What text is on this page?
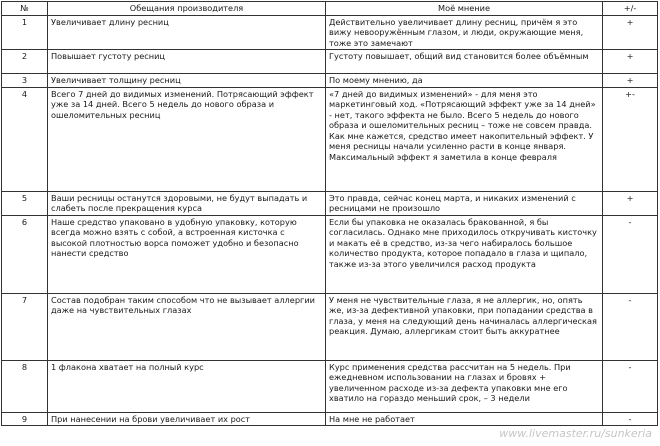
№	Обещания производителя	Моё мнение	+/-
1	Увеличивает длину ресниц	Действительно увеличивает длину ресниц, причём я это вижу невооружённым глазом, и люди, окружающие меня, тоже это замечают	+
2	Повышает густоту ресниц	Густоту повышает, общий вид становится более объёмным	+
3	Увеличивает толщину ресниц	По моему мнению, да	+
4	Всего 7 дней до видимых изменений. Потрясающий эффект уже за 14 дней. Всего 5 недель до нового образа и ошеломительных ресниц	«7 дней до видимых изменений» - для меня это маркетинговый ход. «Потрясающий эффект уже за 14 дней» - нет, такого эффекта не было. Всего 5 недель до нового образа и ошеломительных ресниц – тоже не совсем правда. Как мне кажется, средство имеет накопительный эффект. У меня ресницы начали усиленно расти в конце января. Максимальный эффект я заметила в конце февраля	+-
5	Ваши ресницы останутся здоровыми, не будут выпадать и слабеть после прекращения курса	Это правда, сейчас конец марта, и никаких изменений с ресницами не произошло	+
6	Наше средство упаковано в удобную упаковку, которую всегда можно взять с собой, а встроенная кисточка с высокой плотностью ворса поможет удобно и безопасно нанести средство	Если бы упаковка не оказалась бракованной, я бы согласилась. Однако мне приходилось откручивать кисточку и макать её в средство, из-за чего набиралось большое количество продукта, которое попадало в глаза и щипало, также из-за этого увеличился расход продукта	-
7	Состав подобран таким способом что не вызывает аллергии даже на чувствительных глазах	У меня не чувствительные глаза, я не аллергик, но, опять же, из-за дефективной упаковки, при попадании средства в глаза, у меня на следующий день начиналась аллергическая реакция. Думаю, аллергикам стоит быть аккуратнее	-
8	1 флакона хватает на полный курс	Курс применения средства рассчитан на 5 недель. При ежедневном использовании на глазах и бровях + увеличенном расходе из-за дефекта упаковки мне его хватило на гораздо меньший срок, – 3 недели	-
9	При нанесении на брови увеличивает их рост	На мне не работает	-
www.livemaster.ru/sunkeria
